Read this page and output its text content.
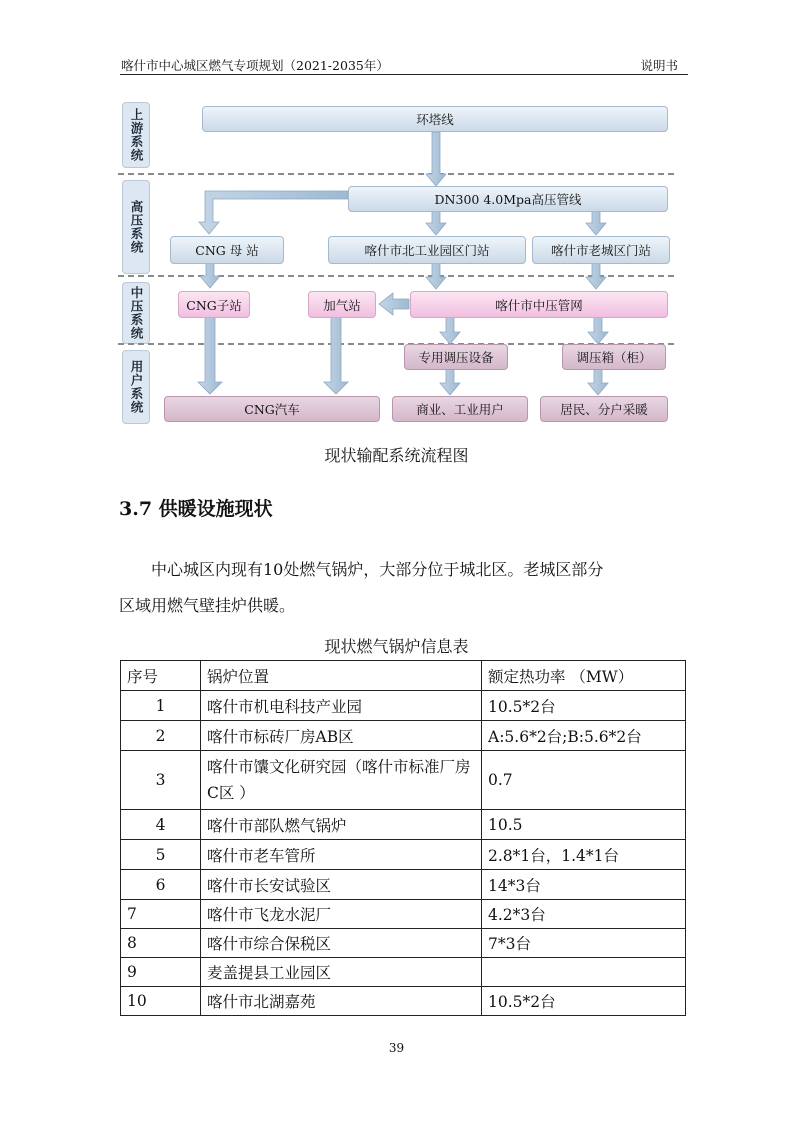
喀什市中心城区燃气专项规划（2021-2035年）	说明书
上游系统
高压系统
中压系统
用户系统
环塔线
DN300 4.0Mpa高压管线
CNG 母 站	喀什市北工业园区门站	喀什市老城区门站
CNG子站	加气站	喀什市中压管网
专用调压设备	调压箱（柜）
CNG汽车	商业、工业用户	居民、分户采暖
现状输配系统流程图
3.7 供暖设施现状
中心城区内现有10处燃气锅炉，大部分位于城北区。老城区部分
区域用燃气壁挂炉供暖。
现状燃气锅炉信息表
序号	锅炉位置	额定热功率 （MW）
1	喀什市机电科技产业园	10.5*2台
2	喀什市标砖厂房AB区	A:5.6*2台;B:5.6*2台
3	喀什市馕文化研究园（喀什市标准厂房C区 ）	0.7
4	喀什市部队燃气锅炉	10.5
5	喀什市老车管所	2.8*1台，1.4*1台
6	喀什市长安试验区	14*3台
7	喀什市飞龙水泥厂	4.2*3台
8	喀什市综合保税区	7*3台
9	麦盖提县工业园区	
10	喀什市北湖嘉苑	10.5*2台
39
